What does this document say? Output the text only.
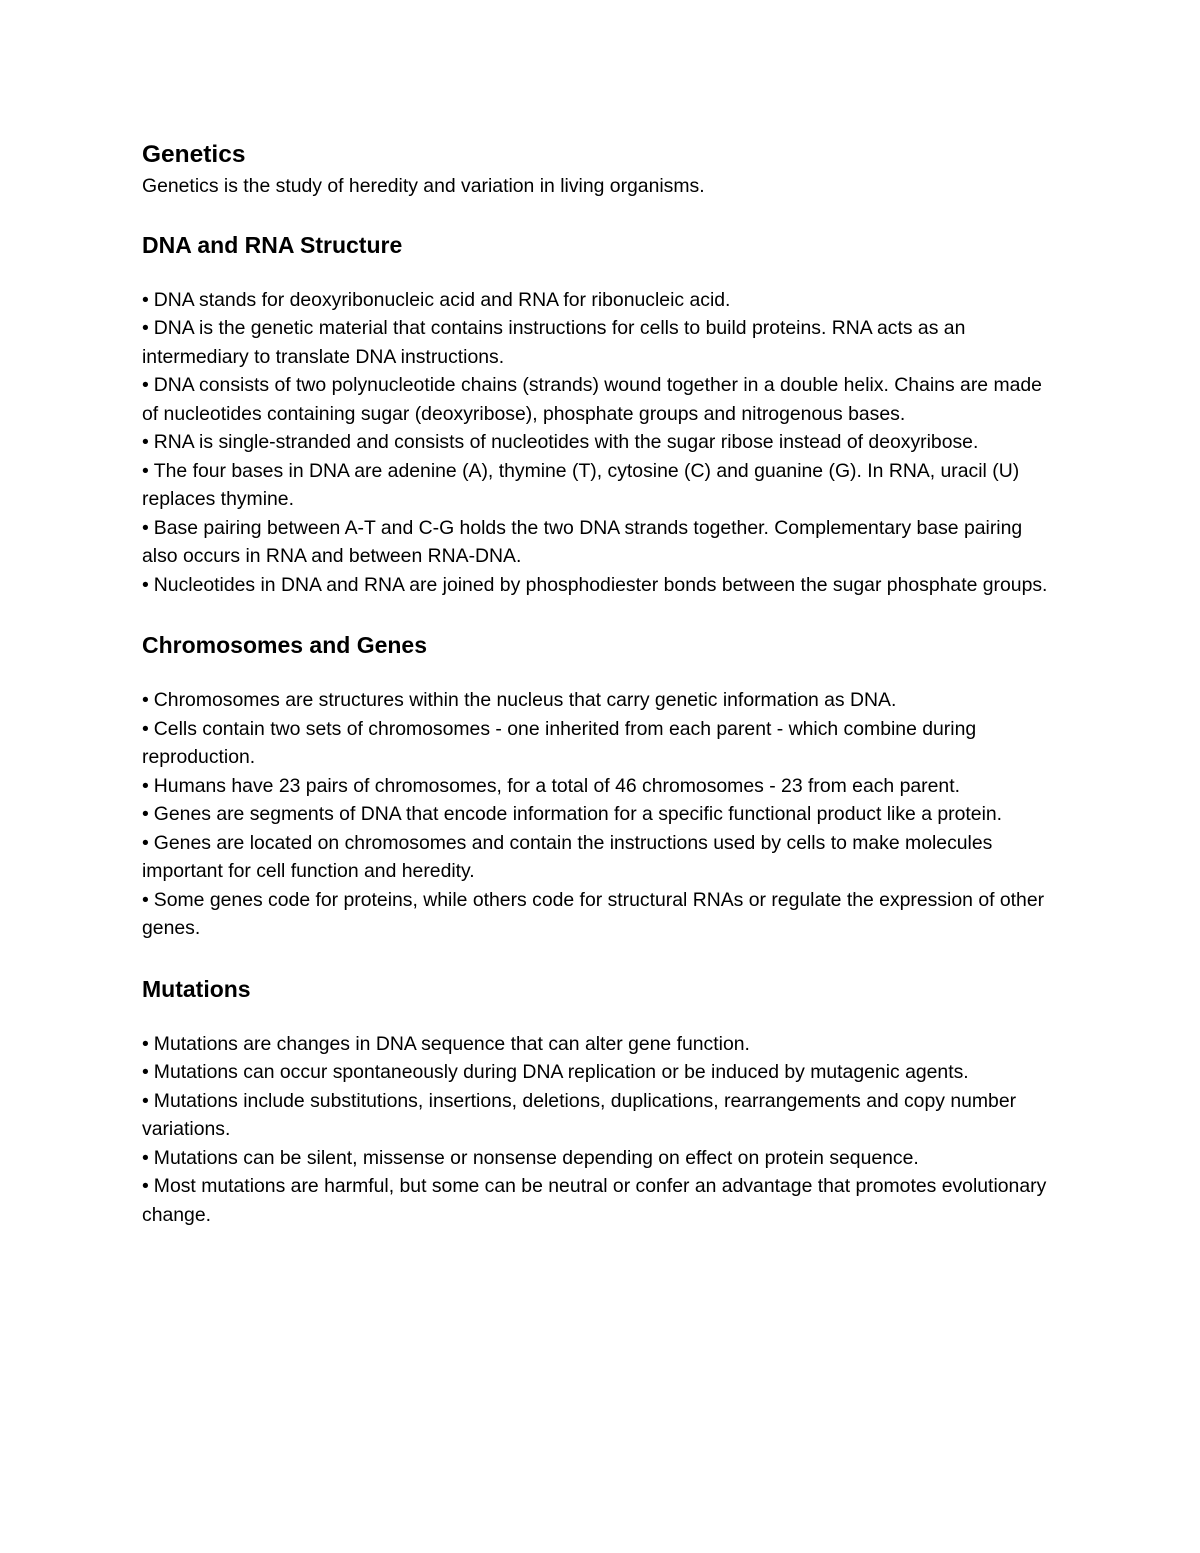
Genetics

Genetics is the study of heredity and variation in living organisms.

DNA and RNA Structure
• DNA stands for deoxyribonucleic acid and RNA for ribonucleic acid.
• DNA is the genetic material that contains instructions for cells to build proteins. RNA acts as an intermediary to translate DNA instructions.
• DNA consists of two polynucleotide chains (strands) wound together in a double helix. Chains are made of nucleotides containing sugar (deoxyribose), phosphate groups and nitrogenous bases.
• RNA is single-stranded and consists of nucleotides with the sugar ribose instead of deoxyribose.
• The four bases in DNA are adenine (A), thymine (T), cytosine (C) and guanine (G). In RNA, uracil (U) replaces thymine.
• Base pairing between A-T and C-G holds the two DNA strands together. Complementary base pairing also occurs in RNA and between RNA-DNA.
• Nucleotides in DNA and RNA are joined by phosphodiester bonds between the sugar phosphate groups.
Chromosomes and Genes
• Chromosomes are structures within the nucleus that carry genetic information as DNA.
• Cells contain two sets of chromosomes - one inherited from each parent - which combine during reproduction.
• Humans have 23 pairs of chromosomes, for a total of 46 chromosomes - 23 from each parent.
• Genes are segments of DNA that encode information for a specific functional product like a protein.
• Genes are located on chromosomes and contain the instructions used by cells to make molecules important for cell function and heredity.
• Some genes code for proteins, while others code for structural RNAs or regulate the expression of other genes.
Mutations
• Mutations are changes in DNA sequence that can alter gene function.
• Mutations can occur spontaneously during DNA replication or be induced by mutagenic agents.
• Mutations include substitutions, insertions, deletions, duplications, rearrangements and copy number variations.
• Mutations can be silent, missense or nonsense depending on effect on protein sequence.
• Most mutations are harmful, but some can be neutral or confer an advantage that promotes evolutionary change.
